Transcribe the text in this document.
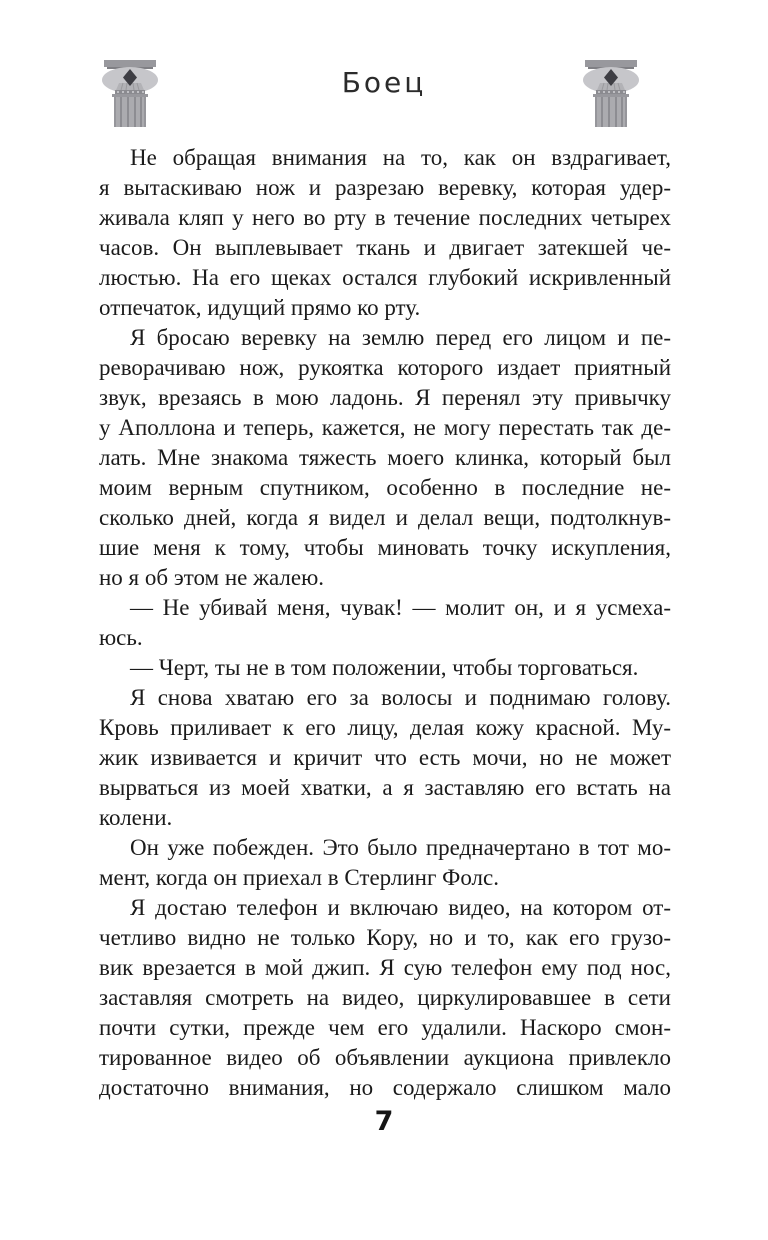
Боец
Не обращая внимания на то, как он вздрагивает,
я вытаскиваю нож и разрезаю веревку, которая удер-
живала кляп у него во рту в течение последних четырех
часов. Он выплевывает ткань и двигает затекшей че-
люстью. На его щеках остался глубокий искривленный
отпечаток, идущий прямо ко рту.
Я бросаю веревку на землю перед его лицом и пе-
реворачиваю нож, рукоятка которого издает приятный
звук, врезаясь в мою ладонь. Я перенял эту привычку
у Аполлона и теперь, кажется, не могу перестать так де-
лать. Мне знакома тяжесть моего клинка, который был
моим верным спутником, особенно в последние не-
сколько дней, когда я видел и делал вещи, подтолкнув-
шие меня к тому, чтобы миновать точку искупления,
но я об этом не жалею.
— Не убивай меня, чувак! — молит он, и я усмеха-
юсь.
— Черт, ты не в том положении, чтобы торговаться.
Я снова хватаю его за волосы и поднимаю голову.
Кровь приливает к его лицу, делая кожу красной. Му-
жик извивается и кричит что есть мочи, но не может
вырваться из моей хватки, а я заставляю его встать на
колени.
Он уже побежден. Это было предначертано в тот мо-
мент, когда он приехал в Стерлинг Фолс.
Я достаю телефон и включаю видео, на котором от-
четливо видно не только Кору, но и то, как его грузо-
вик врезается в мой джип. Я сую телефон ему под нос,
заставляя смотреть на видео, циркулировавшее в сети
почти сутки, прежде чем его удалили. Наскоро смон-
тированное видео об объявлении аукциона привлекло
достаточно внимания, но содержало слишком мало
7
